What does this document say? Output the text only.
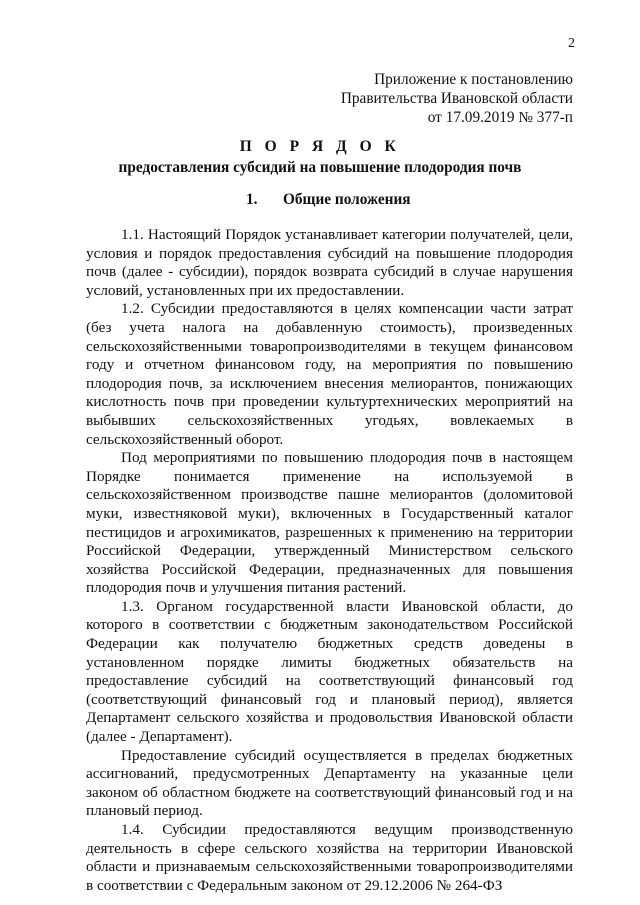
2
Приложение к постановлению
Правительства Ивановской области
от 17.09.2019 № 377-п
П О Р Я Д О К
предоставления субсидий на повышение плодородия почв
1. Общие положения

1.1. Настоящий Порядок устанавливает категории получателей, цели, условия и порядок предоставления субсидий на повышение плодородия почв (далее - субсидии), порядок возврата субсидий в случае нарушения условий, установленных при их предоставлении.

1.2. Субсидии предоставляются в целях компенсации части затрат (без учета налога на добавленную стоимость), произведенных сельскохозяйственными товаропроизводителями в текущем финансовом году и отчетном финансовом году, на мероприятия по повышению плодородия почв, за исключением внесения мелиорантов, понижающих кислотность почв при проведении культуртехнических мероприятий на выбывших сельскохозяйственных угодьях, вовлекаемых в сельскохозяйственный оборот.

Под мероприятиями по повышению плодородия почв в настоящем Порядке понимается применение на используемой в сельскохозяйственном производстве пашне мелиорантов (доломитовой муки, известняковой муки), включенных в Государственный каталог пестицидов и агрохимикатов, разрешенных к применению на территории Российской Федерации, утвержденный Министерством сельского хозяйства Российской Федерации, предназначенных для повышения плодородия почв и улучшения питания растений.

1.3. Органом государственной власти Ивановской области, до которого в соответствии с бюджетным законодательством Российской Федерации как получателю бюджетных средств доведены в установленном порядке лимиты бюджетных обязательств на предоставление субсидий на соответствующий финансовый год (соответствующий финансовый год и плановый период), является Департамент сельского хозяйства и продовольствия Ивановской области (далее - Департамент).

Предоставление субсидий осуществляется в пределах бюджетных ассигнований, предусмотренных Департаменту на указанные цели законом об областном бюджете на соответствующий финансовый год и на плановый период.

1.4. Субсидии предоставляются ведущим производственную деятельность в сфере сельского хозяйства на территории Ивановской области и признаваемым сельскохозяйственными товаропроизводителями в соответствии с Федеральным законом от 29.12.2006 № 264-ФЗ
